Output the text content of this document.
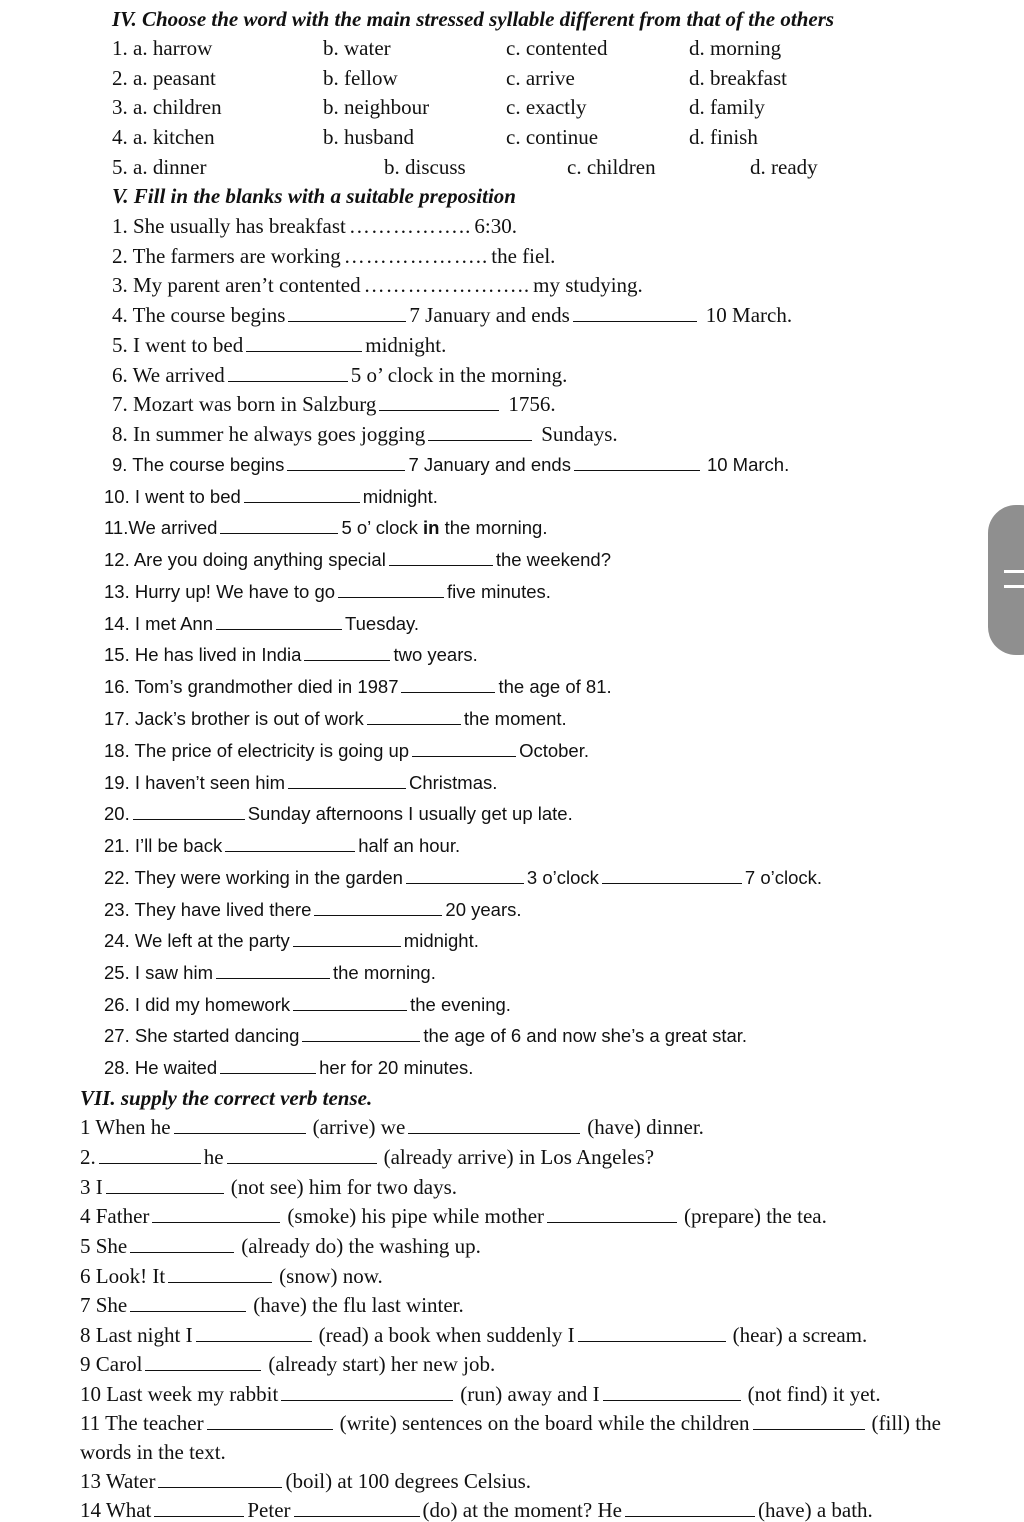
IV. Choose the word with the main stressed syllable different from that of the others
1. a. harrow	b. water	c. contented	d. morning
2. a. peasant	b. fellow	c. arrive	d. breakfast
3. a. children	b. neighbour	c. exactly	d. family
4. a. kitchen	b. husband	c. continue	d. finish
5. a. dinner	b. discuss	c. children	d. ready
V. Fill in the blanks with a suitable preposition
1. She usually has breakfast …………….. 6:30.
2. The farmers are working ……………….. the fiel.
3. My parent aren’t contented ………………….. my studying.
4. The course begins	7 January and ends	10 March.
5. I went to bed	midnight.
6. We arrived	5 o’ clock in the morning.
7. Mozart was born in Salzburg	1756.
8. In summer he always goes jogging	Sundays.
9. The course begins	7 January and ends	10 March.
10. I went to bed	midnight.
11.We arrived	5 o’ clock in the morning.
12. Are you doing anything special	the weekend?
13. Hurry up! We have to go	five minutes.
14. I met Ann	Tuesday.
15. He has lived in India	two years.
16. Tom’s grandmother died in 1987	the age of 81.
17. Jack’s brother is out of work	the moment.
18. The price of electricity is going up	October.
19. I haven’t seen him	Christmas.
20.	Sunday afternoons I usually get up late.
21. I’ll be back	half an hour.
22. They were working in the garden	3 o’clock	7 o’clock.
23. They have lived there	20 years.
24. We left at the party	midnight.
25. I saw him	the morning.
26. I did my homework	the evening.
27. She started dancing	the age of 6 and now she’s a great star.
28. He waited	her for 20 minutes.
VII. supply the correct verb tense.
1 When he	(arrive) we	(have) dinner.
2.	he	(already arrive) in Los Angeles?
3 I	(not see) him for two days.
4 Father	(smoke) his pipe while mother	(prepare) the tea.
5 She	(already do) the washing up.
6 Look! It	(snow) now.
7 She	(have) the flu last winter.
8 Last night I	(read) a book when suddenly I	(hear) a scream.
9 Carol	(already start) her new job.
10 Last week my rabbit	(run) away and I	(not find) it yet.
11 The teacher	(write) sentences on the board while the children	(fill) the
words in the text.
13 Water	(boil) at 100 degrees Celsius.
14 What	Peter	(do) at the moment? He	(have) a bath.
